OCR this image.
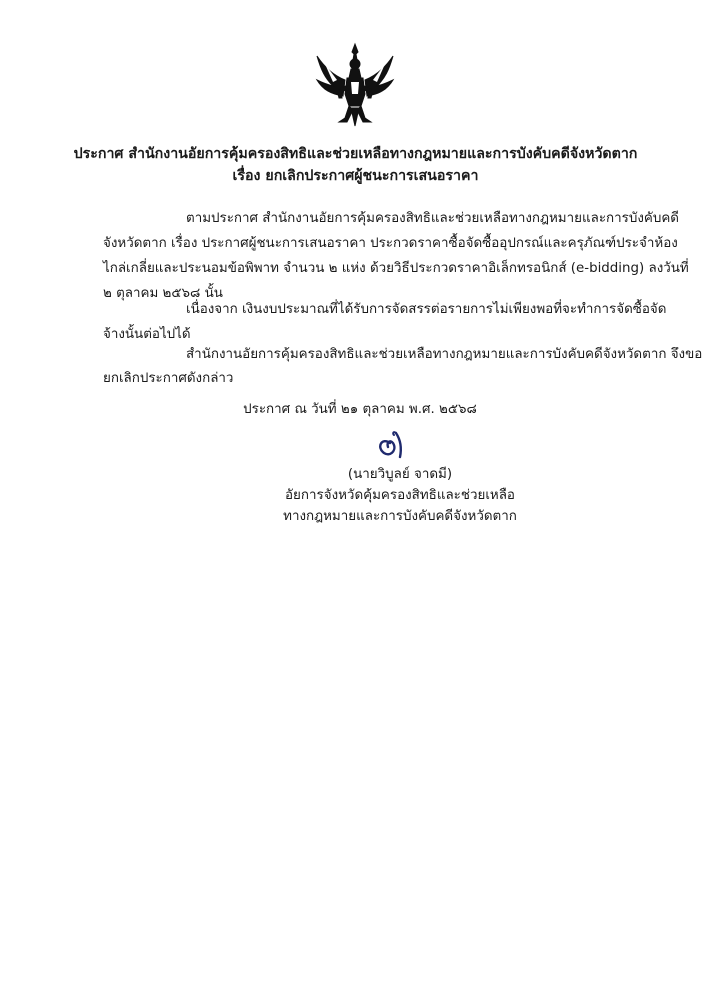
ประกาศ สำนักงานอัยการคุ้มครองสิทธิและช่วยเหลือทางกฎหมายและการบังคับคดีจังหวัดตาก
เรื่อง ยกเลิกประกาศผู้ชนะการเสนอราคา
ตามประกาศ สำนักงานอัยการคุ้มครองสิทธิและช่วยเหลือทางกฎหมายและการบังคับคดี
จังหวัดตาก เรื่อง ประกาศผู้ชนะการเสนอราคา ประกวดราคาซื้อจัดซื้ออุปกรณ์และครุภัณฑ์ประจำห้อง
ไกล่เกลี่ยและประนอมข้อพิพาท จำนวน ๒ แห่ง ด้วยวิธีประกวดราคาอิเล็กทรอนิกส์ (e-bidding) ลงวันที่
๒ ตุลาคม ๒๕๖๘ นั้น
เนื่องจาก เงินงบประมาณที่ได้รับการจัดสรรต่อรายการไม่เพียงพอที่จะทำการจัดซื้อจัด
จ้างนั้นต่อไปได้
สำนักงานอัยการคุ้มครองสิทธิและช่วยเหลือทางกฎหมายและการบังคับคดีจังหวัดตาก จึงขอ
ยกเลิกประกาศดังกล่าว
ประกาศ ณ วันที่ ๒๑ ตุลาคม พ.ศ. ๒๕๖๘
(นายวิบูลย์ จาดมี)
อัยการจังหวัดคุ้มครองสิทธิและช่วยเหลือ
ทางกฎหมายและการบังคับคดีจังหวัดตาก
